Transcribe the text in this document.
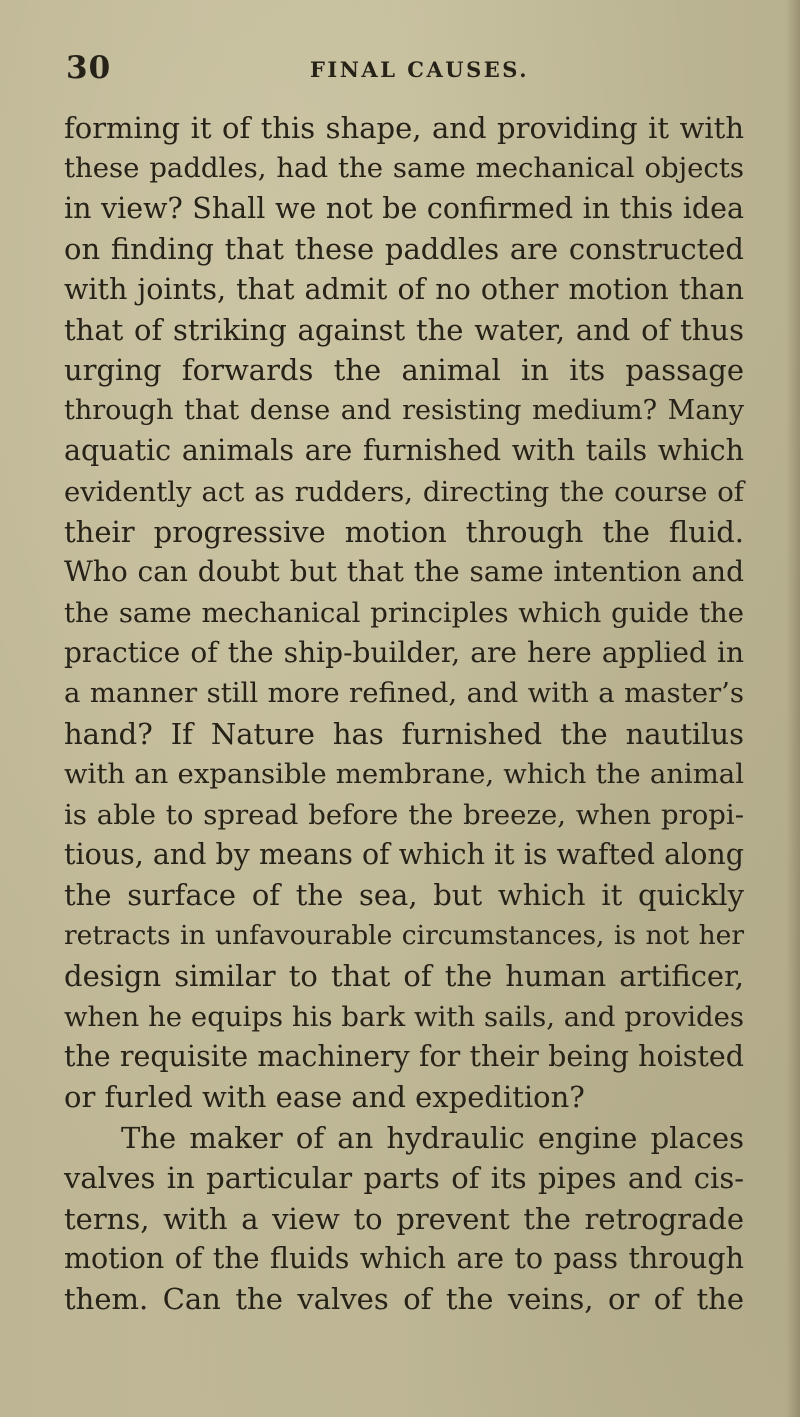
30	FINAL CAUSES.
forming it of this shape, and providing it with
these paddles, had the same mechanical objects
in view? Shall we not be confirmed in this idea
on finding that these paddles are constructed
with joints, that admit of no other motion than
that of striking against the water, and of thus
urging forwards the animal in its passage
through that dense and resisting medium? Many
aquatic animals are furnished with tails which
evidently act as rudders, directing the course of
their progressive motion through the fluid.
Who can doubt but that the same intention and
the same mechanical principles which guide the
practice of the ship-builder, are here applied in
a manner still more refined, and with a master’s
hand? If Nature has furnished the nautilus
with an expansible membrane, which the animal
is able to spread before the breeze, when propi-
tious, and by means of which it is wafted along
the surface of the sea, but which it quickly
retracts in unfavourable circumstances, is not her
design similar to that of the human artificer,
when he equips his bark with sails, and provides
the requisite machinery for their being hoisted
or furled with ease and expedition?
The maker of an hydraulic engine places
valves in particular parts of its pipes and cis-
terns, with a view to prevent the retrograde
motion of the fluids which are to pass through
them. Can the valves of the veins, or of the
